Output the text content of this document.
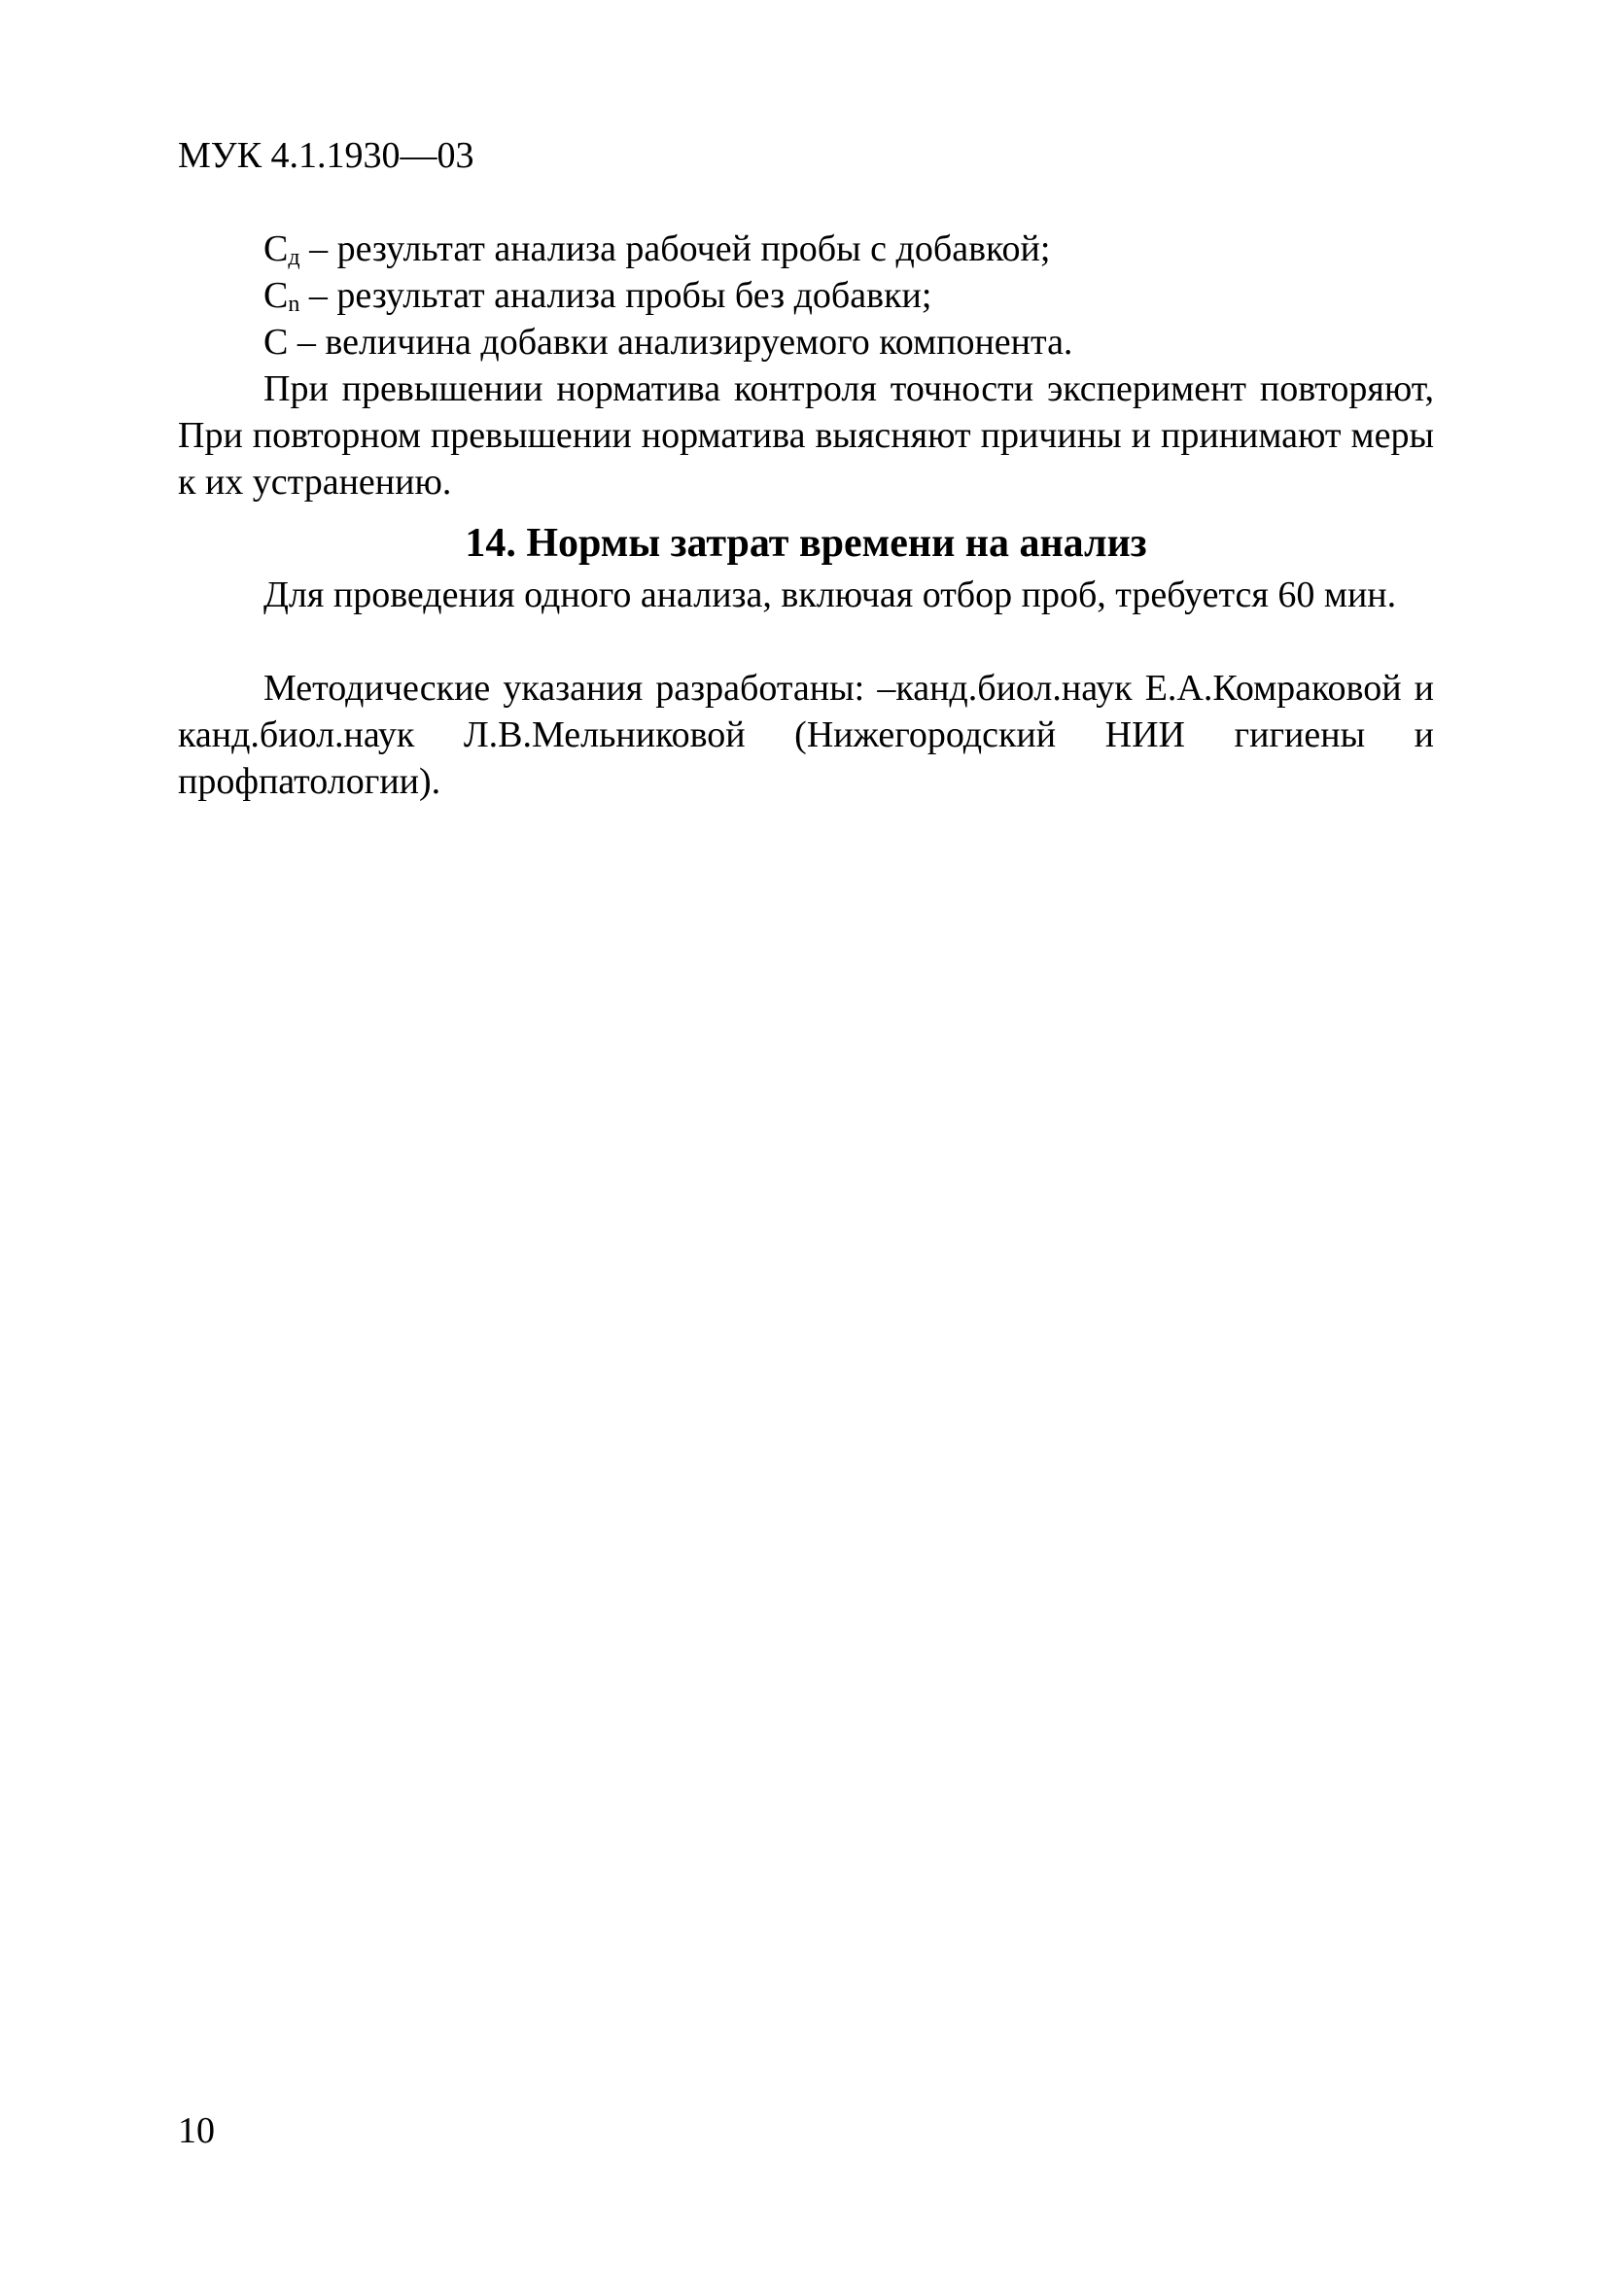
МУК 4.1.1930—03

$С_д$ – результат анализа рабочей пробы с добавкой;

$С_n$ – результат анализа пробы без добавки;

С – величина добавки анализируемого компонента.

При превышении норматива контроля точности эксперимент повторяют, При повторном превышении норматива выясняют причины и принимают меры к их устранению.

14. Нормы затрат времени на анализ

Для проведения одного анализа, включая отбор проб, требуется 60 мин.

Методические указания разработаны: –канд.биол.наук Е.А.Комраковой и канд.биол.наук Л.В.Мельниковой (Нижегородский НИИ гигиены и профпатологии).

10
